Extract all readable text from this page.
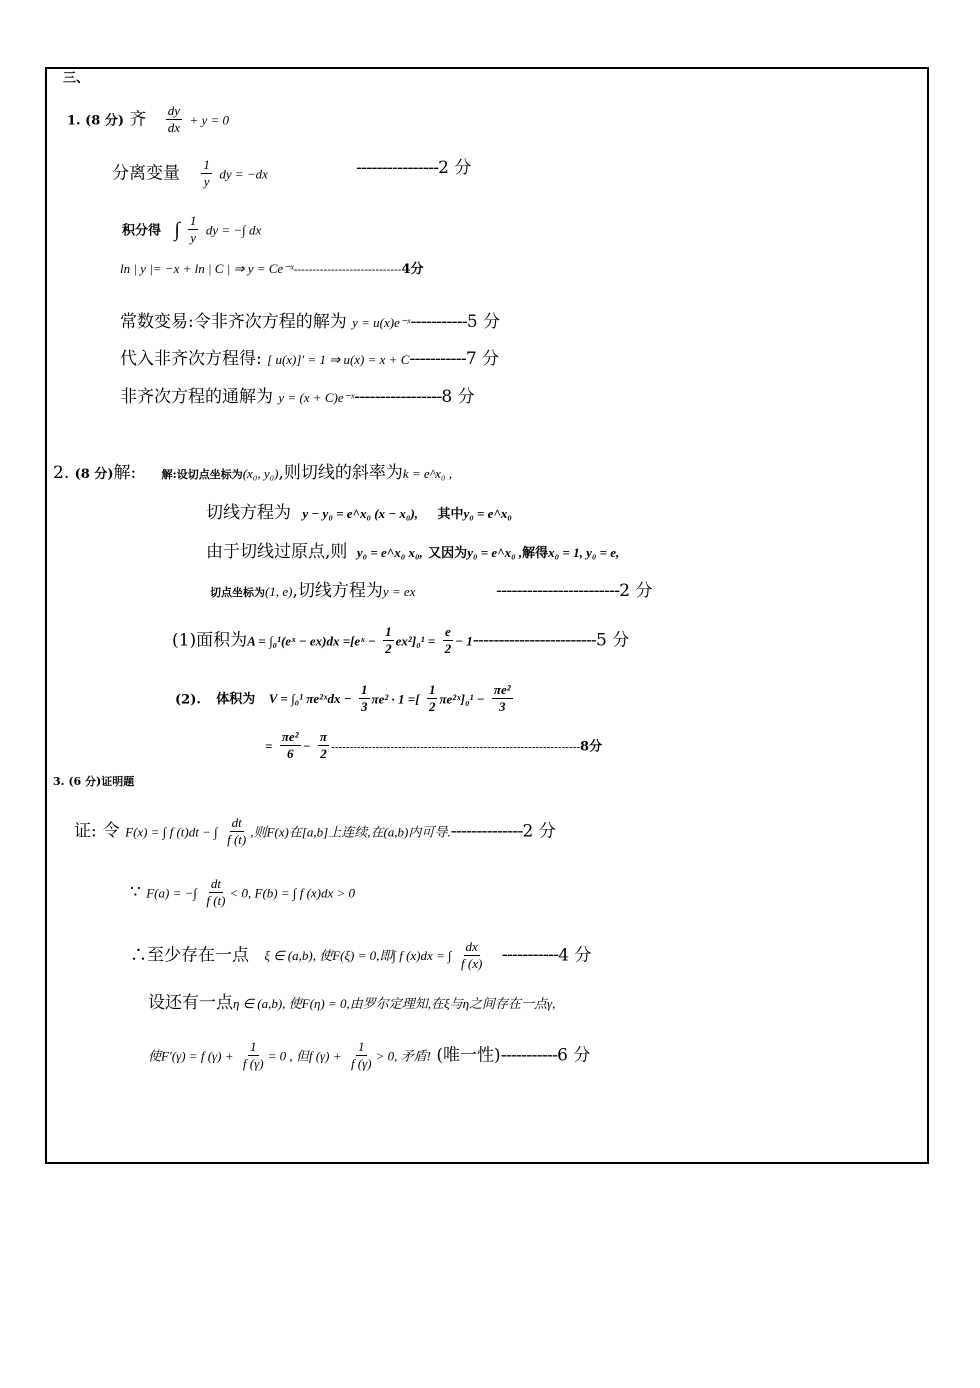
三、
1. (8 分) 齐 $\frac{dy}{dx} + y = 0$
分离变量 $\frac{1}{y}$ dy = −dx	----------------2 分
积分得 ∫ $\frac{1}{y}$ dy = −∫ dx
ln | y |= −x + ln | C | ⇒ y = Ce⁻ˣ-----------------------------4分
常数变易:令非齐次方程的解为 y = u(x)e⁻ˣ-----------5 分
代入非齐次方程得: [ u(x)]′ = 1 ⇒ u(x) = x + C-----------7 分
非齐次方程的通解为 y = (x + C)e⁻ˣ-----------------8 分
2. (8 分)解: 解:设切点坐标为(x₀, y₀),则切线的斜率为k = e^x₀ ,
切线方程为 y − y₀ = e^x₀ (x − x₀), 其中y₀ = e^x₀
由于切线过原点,则 y₀ = e^x₀ x₀, 又因为y₀ = e^x₀ ,解得x₀ = 1, y₀ = e,
切点坐标为(1, e),切线方程为y = ex	------------------------2 分
(1)面积为A = ∫₀¹(eˣ − ex)dx =[eˣ − $\frac{1}{2} ex^2]_0^1 = \frac{e}{2} - 1------------------------5$ 分
(2). 体积为 V = ∫₀¹ πe²ˣdx − $\frac{1}{3} \pi e^2 \cdot 1$ =[ $\frac{1}{2}$ πe²ˣ]₀¹ − $\frac{\text{πe²}}{3}$
= $\frac{\text{πe²}}{6} - \frac{\pi}{2} -------------------------------------------------------------------8$分
3. (6 分)证明题
证: 令 F(x) = ∫ f (t)dt − ∫ $\frac{dt}{f (t)}$ ,则F(x)在[a,b]上连续,在(a,b)内可导.--------------2 分
∵ F(a) = −∫ $\frac{dt}{f (t)} < 0$, F(b) = ∫ f (x)dx > 0
∴至少存在一点 ξ ∈ (a,b), 使F(ξ) = 0,即∫ f (x)dx = ∫ $\frac{dx}{f (x)} -----------4$ 分
设还有一点η ∈ (a,b), 使F(η) = 0,由罗尔定理知,在ξ与η之间存在一点γ,
使F′(γ) = f $(\gamma) + \frac{1}{f (\gamma)} = 0$ , 但f $(\gamma) + \frac{1}{f (\gamma)} > 0$, 矛盾! (唯一性)-----------6 分
